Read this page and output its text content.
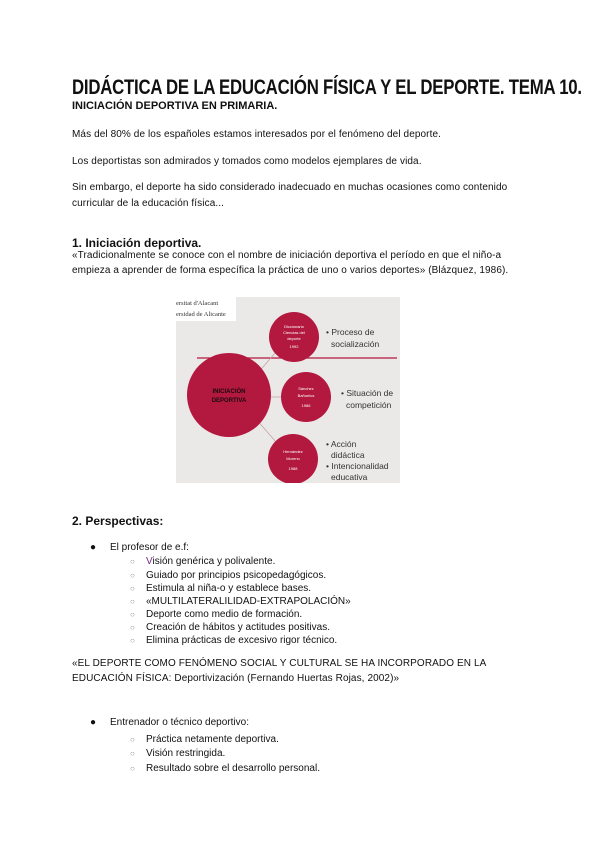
DIDÁCTICA DE LA EDUCACIÓN FÍSICA Y EL DEPORTE. TEMA 10.
INICIACIÓN DEPORTIVA EN PRIMARIA.
Más del 80% de los españoles estamos interesados por el fenómeno del deporte.
Los deportistas son admirados y tomados como modelos ejemplares de vida.
Sin embargo, el deporte ha sido considerado inadecuado en muchas ocasiones como contenido
curricular de la educación física...
1. Iniciación deportiva.
«Tradicionalmente se conoce con el nombre de iniciación deportiva el período en que el niño-a
empieza a aprender de forma específica la práctica de uno o varios deportes» (Blázquez, 1986).
ersitat d'Alacant
ersidad de Alicante
INICIACIÓN
DEPORTIVA
Diccionario
Ciencias del
deporte
1992
Sánchez
Bañuelos
1986
Hernández
Moreno
1988
• Proceso de
socialización
• Situación de
competición
• Acción
didáctica
• Intencionalidad
educativa
2. Perspectivas:
● El profesor de e.f:
○ Visión genérica y polivalente.
○ Guiado por principios psicopedagógicos.
○ Estimula al niña-o y establece bases.
○ «MULTILATERALILIDAD-EXTRAPOLACIÓN»
○ Deporte como medio de formación.
○ Creación de hábitos y actitudes positivas.
○ Elimina prácticas de excesivo rigor técnico.
«EL DEPORTE COMO FENÓMENO SOCIAL Y CULTURAL SE HA INCORPORADO EN LA
EDUCACIÓN FÍSICA: Deportivización (Fernando Huertas Rojas, 2002)»
● Entrenador o técnico deportivo:
○ Práctica netamente deportiva.
○ Visión restringida.
○ Resultado sobre el desarrollo personal.
